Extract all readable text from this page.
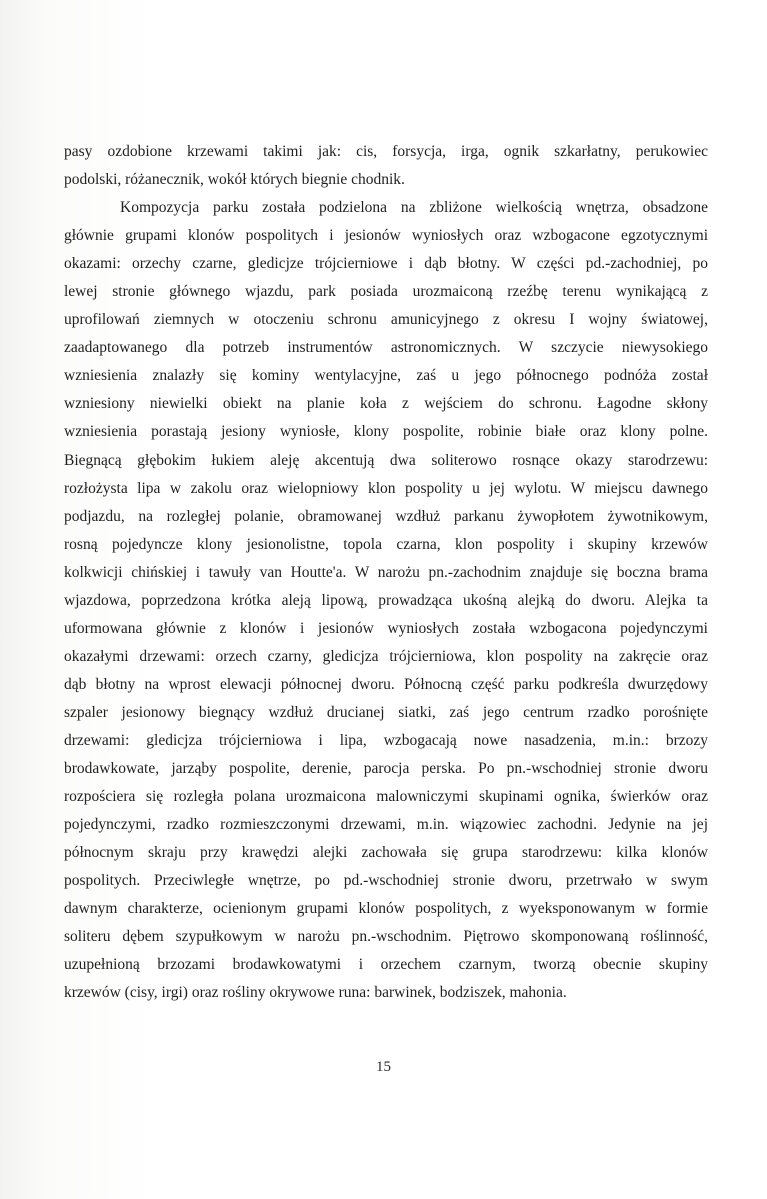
pasy ozdobione krzewami takimi jak: cis, forsycja, irga, ognik szkarłatny, perukowiec
podolski, różanecznik, wokół których biegnie chodnik.
Kompozycja parku została podzielona na zbliżone wielkością wnętrza, obsadzone
głównie grupami klonów pospolitych i jesionów wyniosłych oraz wzbogacone egzotycznymi
okazami: orzechy czarne, gledicjze trójcierniowe i dąb błotny. W części pd.-zachodniej, po
lewej stronie głównego wjazdu, park posiada urozmaiconą rzeźbę terenu wynikającą z
uprofilowań ziemnych w otoczeniu schronu amunicyjnego z okresu I wojny światowej,
zaadaptowanego dla potrzeb instrumentów astronomicznych. W szczycie niewysokiego
wzniesienia znalazły się kominy wentylacyjne, zaś u jego północnego podnóża został
wzniesiony niewielki obiekt na planie koła z wejściem do schronu. Łagodne skłony
wzniesienia porastają jesiony wyniosłe, klony pospolite, robinie białe oraz klony polne.
Biegnącą głębokim łukiem aleję akcentują dwa soliterowo rosnące okazy starodrzewu:
rozłożysta lipa w zakolu oraz wielopniowy klon pospolity u jej wylotu. W miejscu dawnego
podjazdu, na rozległej polanie, obramowanej wzdłuż parkanu żywopłotem żywotnikowym,
rosną pojedyncze klony jesionolistne, topola czarna, klon pospolity i skupiny krzewów
kolkwicji chińskiej i tawuły van Houtte'a. W narożu pn.-zachodnim znajduje się boczna brama
wjazdowa, poprzedzona krótka aleją lipową, prowadząca ukośną alejką do dworu. Alejka ta
uformowana głównie z klonów i jesionów wyniosłych została wzbogacona pojedynczymi
okazałymi drzewami: orzech czarny, gledicjza trójcierniowa, klon pospolity na zakręcie oraz
dąb błotny na wprost elewacji północnej dworu. Północną część parku podkreśla dwurzędowy
szpaler jesionowy biegnący wzdłuż drucianej siatki, zaś jego centrum rzadko porośnięte
drzewami: gledicjza trójcierniowa i lipa, wzbogacają nowe nasadzenia, m.in.: brzozy
brodawkowate, jarząby pospolite, derenie, parocja perska. Po pn.-wschodniej stronie dworu
rozpościera się rozległa polana urozmaicona malowniczymi skupinami ognika, świerków oraz
pojedynczymi, rzadko rozmieszczonymi drzewami, m.in. wiązowiec zachodni. Jedynie na jej
północnym skraju przy krawędzi alejki zachowała się grupa starodrzewu: kilka klonów
pospolitych. Przeciwległe wnętrze, po pd.-wschodniej stronie dworu, przetrwało w swym
dawnym charakterze, ocienionym grupami klonów pospolitych, z wyeksponowanym w formie
soliteru dębem szypułkowym w narożu pn.-wschodnim. Piętrowo skomponowaną roślinność,
uzupełnioną brzozami brodawkowatymi i orzechem czarnym, tworzą obecnie skupiny
krzewów (cisy, irgi) oraz rośliny okrywowe runa: barwinek, bodziszek, mahonia.
15
